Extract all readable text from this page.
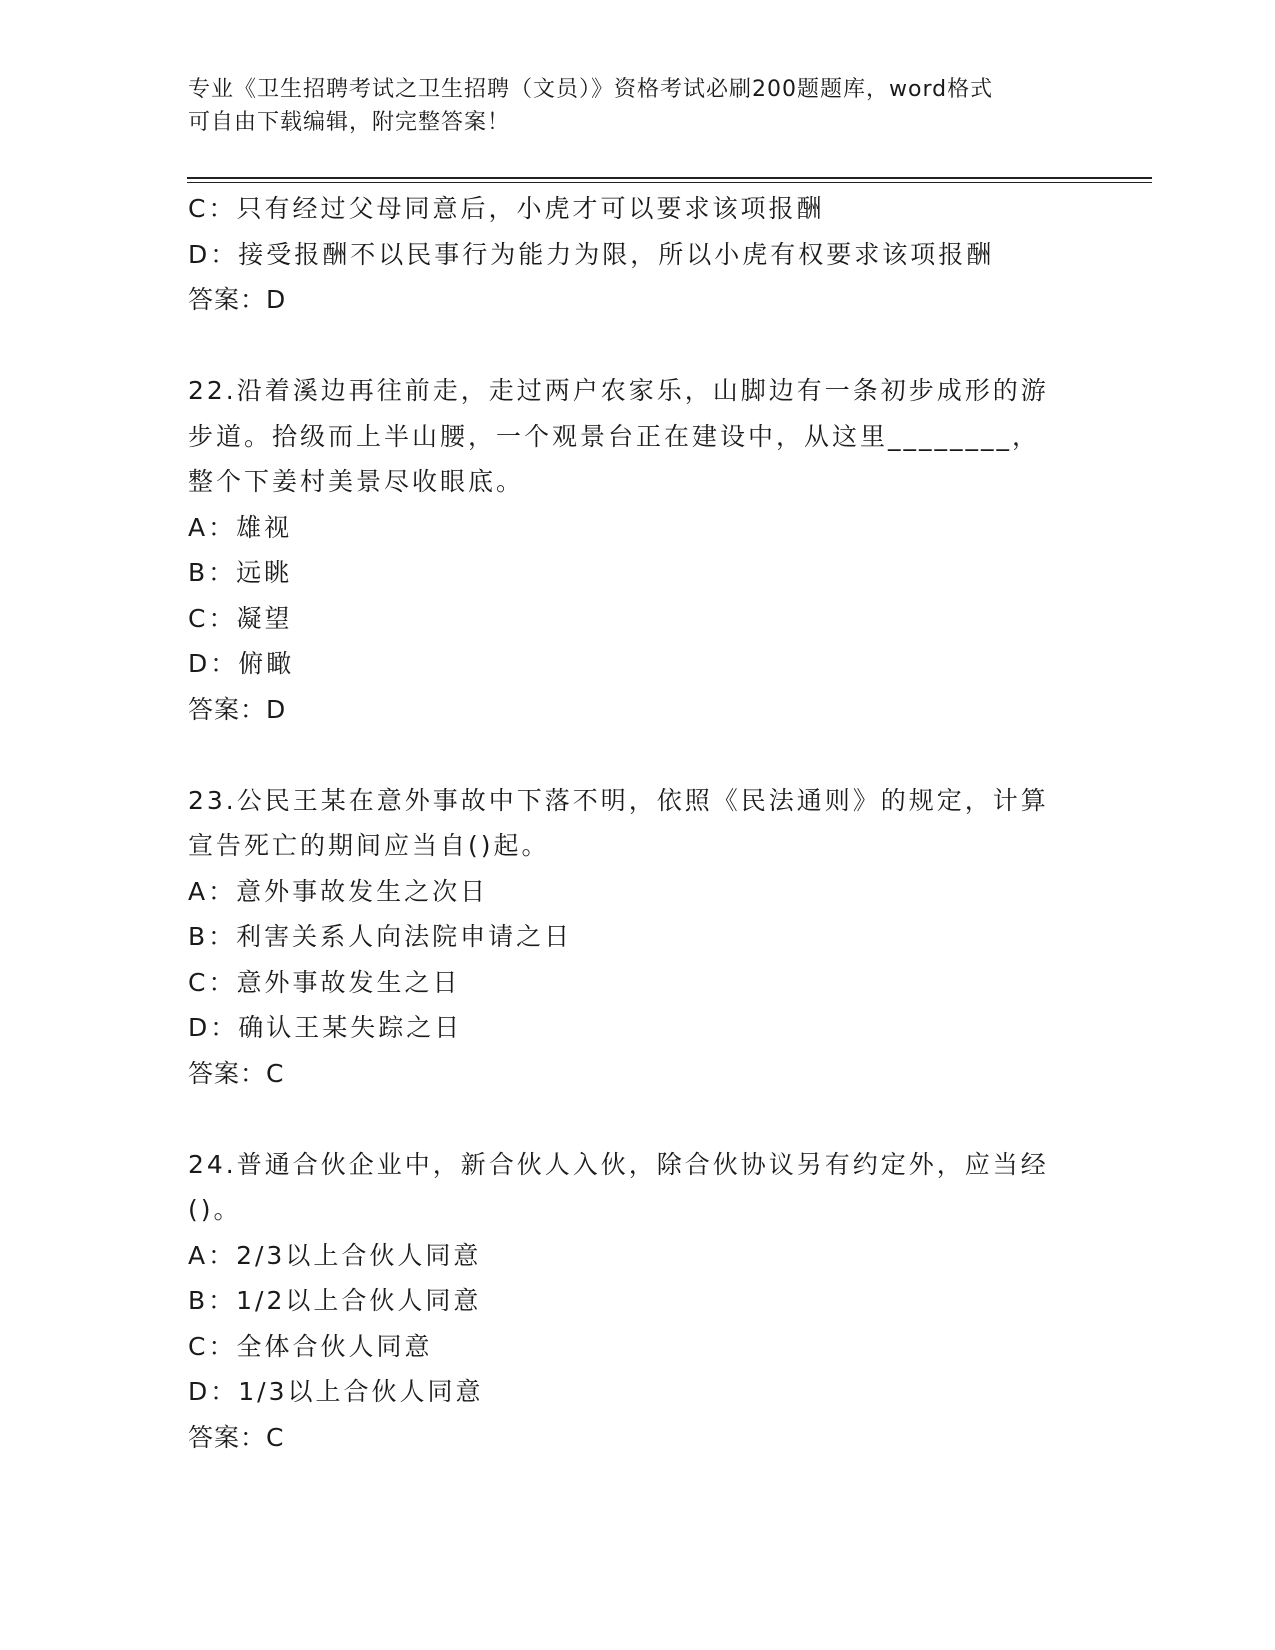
专业《卫生招聘考试之卫生招聘（文员）》资格考试必刷200题题库，word格式
可自由下载编辑，附完整答案！
C：只有经过父母同意后，小虎才可以要求该项报酬
D：接受报酬不以民事行为能力为限，所以小虎有权要求该项报酬
答案：D
22.沿着溪边再往前走，走过两户农家乐，山脚边有一条初步成形的游
步道。拾级而上半山腰，一个观景台正在建设中，从这里________，
整个下姜村美景尽收眼底。
A：雄视
B：远眺
C：凝望
D：俯瞰
答案：D
23.公民王某在意外事故中下落不明，依照《民法通则》的规定，计算
宣告死亡的期间应当自()起。
A：意外事故发生之次日
B：利害关系人向法院申请之日
C：意外事故发生之日
D：确认王某失踪之日
答案：C
24.普通合伙企业中，新合伙人入伙，除合伙协议另有约定外，应当经
()。
A：2/3以上合伙人同意
B：1/2以上合伙人同意
C：全体合伙人同意
D：1/3以上合伙人同意
答案：C
